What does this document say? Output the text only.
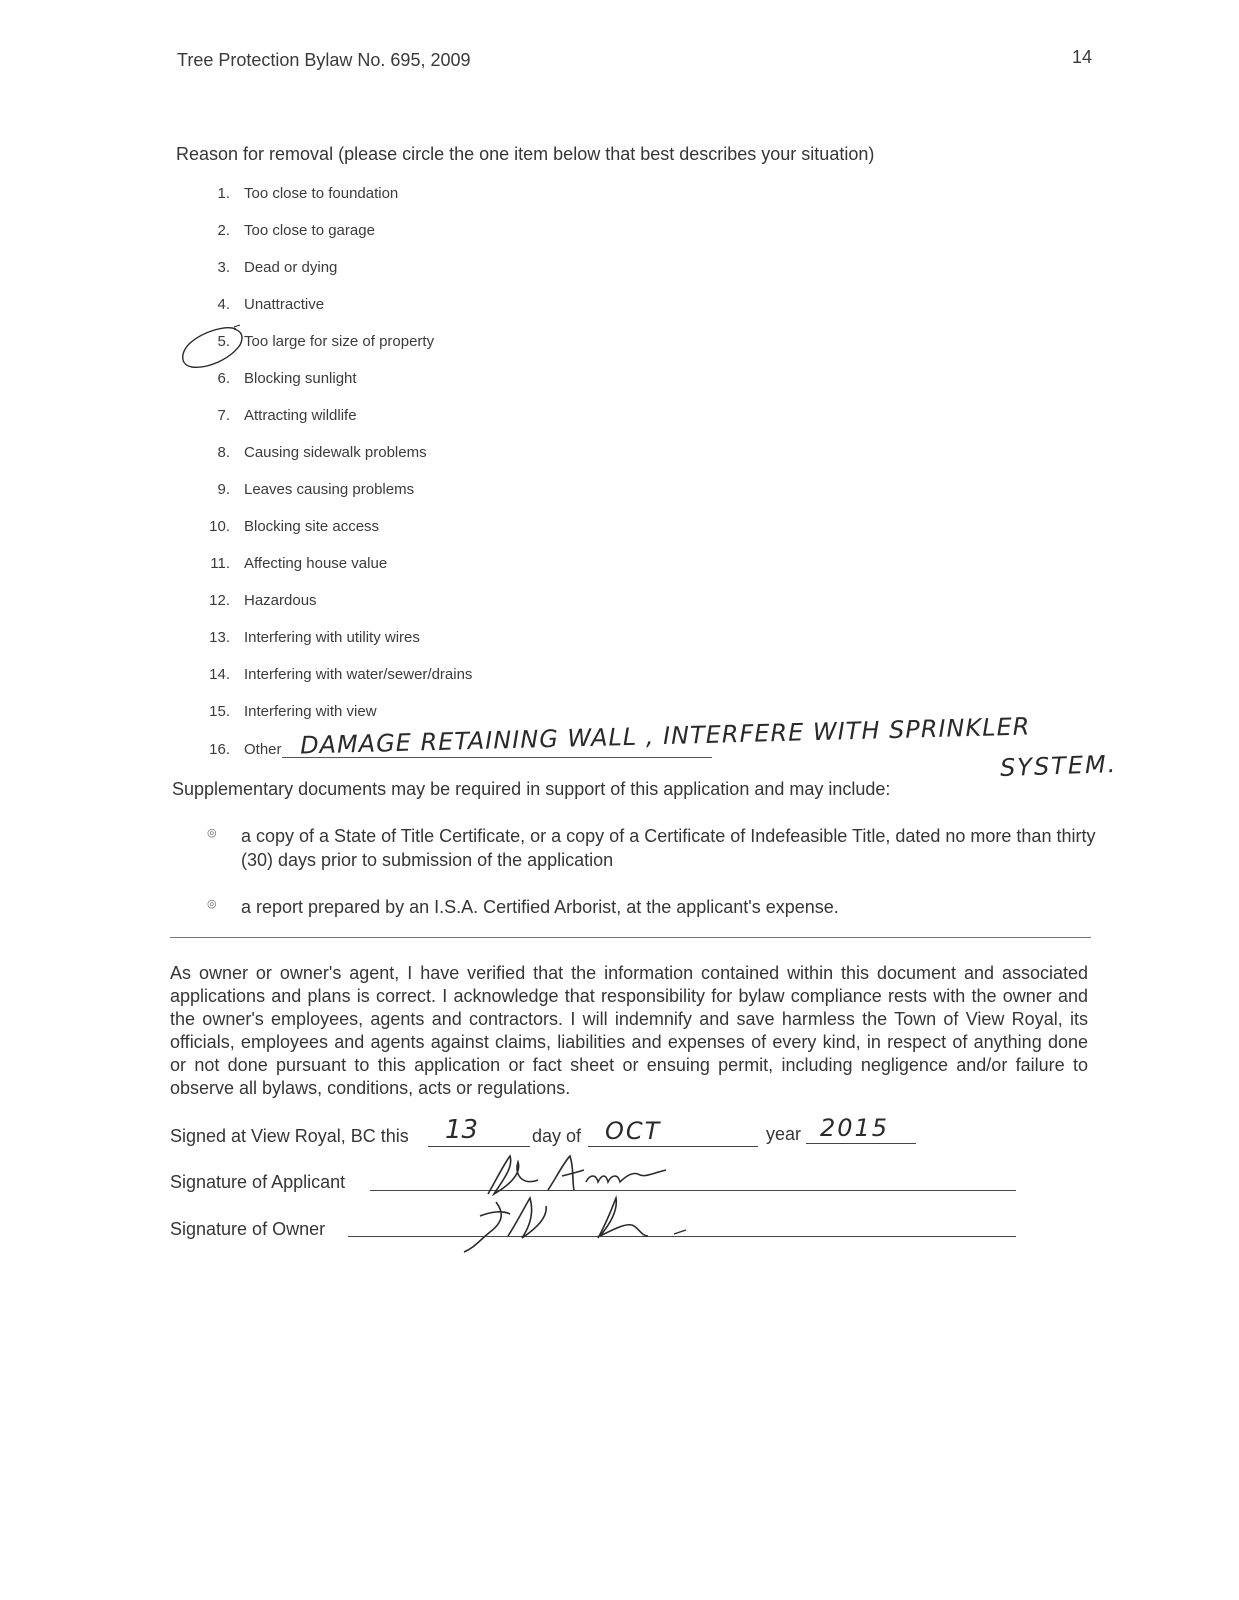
Tree Protection Bylaw No. 695, 2009	14
Reason for removal (please circle the one item below that best describes your situation)
1. Too close to foundation
2. Too close to garage
3. Dead or dying
4. Unattractive
5. Too large for size of property
6. Blocking sunlight
7. Attracting wildlife
8. Causing sidewalk problems
9. Leaves causing problems
10. Blocking site access
11. Affecting house value
12. Hazardous
13. Interfering with utility wires
14. Interfering with water/sewer/drains
15. Interfering with view
16. Other DAMAGE RETAINING WALL , INTERFERE WITH SPRINKLER
SYSTEM.
Supplementary documents may be required in support of this application and may include:
◎ a copy of a State of Title Certificate, or a copy of a Certificate of Indefeasible Title, dated no more than thirty (30) days prior to submission of the application
◎ a report prepared by an I.S.A. Certified Arborist, at the applicant's expense.
As owner or owner's agent, I have verified that the information contained within this document and associated applications and plans is correct. I acknowledge that responsibility for bylaw compliance rests with the owner and the owner's employees, agents and contractors. I will indemnify and save harmless the Town of View Royal, its officials, employees and agents against claims, liabilities and expenses of every kind, in respect of anything done or not done pursuant to this application or fact sheet or ensuing permit, including negligence and/or failure to observe all bylaws, conditions, acts or regulations.
Signed at View Royal, BC this	day of	year
13	OCT	2015
Signature of Applicant
Signature of Owner
